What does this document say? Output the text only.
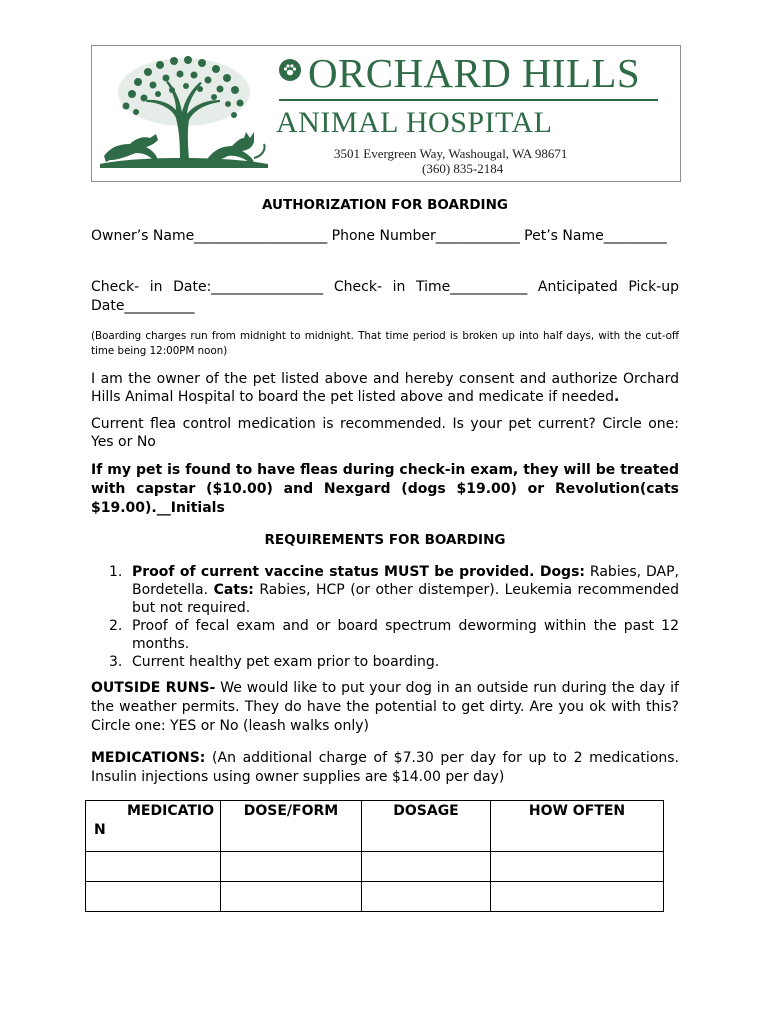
ORCHARD HILLS
ANIMAL HOSPITAL
3501 Evergreen Way, Washougal, WA 98671
(360) 835-2184
AUTHORIZATION FOR BOARDING
Owner’s Name___________________ Phone Number____________ Pet’s Name_________
Check- in Date:________________ Check- in Time___________ Anticipated Pick-up Date__________
(Boarding charges run from midnight to midnight. That time period is broken up into half days, with the cut-off time being 12:00PM noon)
I am the owner of the pet listed above and hereby consent and authorize Orchard Hills Animal Hospital to board the pet listed above and medicate if needed.
Current flea control medication is recommended. Is your pet current? Circle one: Yes or No
If my pet is found to have fleas during check-in exam, they will be treated with capstar ($10.00) and Nexgard (dogs $19.00) or Revolution(cats $19.00).__Initials
REQUIREMENTS FOR BOARDING
1. Proof of current vaccine status MUST be provided. Dogs: Rabies, DAP, Bordetella. Cats: Rabies, HCP (or other distemper). Leukemia recommended but not required.
2. Proof of fecal exam and or board spectrum deworming within the past 12 months.
3. Current healthy pet exam prior to boarding.
OUTSIDE RUNS- We would like to put your dog in an outside run during the day if the weather permits. They do have the potential to get dirty. Are you ok with this? Circle one: YES or No (leash walks only)
MEDICATIONS: (An additional charge of $7.30 per day for up to 2 medications. Insulin injections using owner supplies are $14.00 per day)
MEDICATIO
N	DOSE/FORM	DOSAGE	HOW OFTEN
